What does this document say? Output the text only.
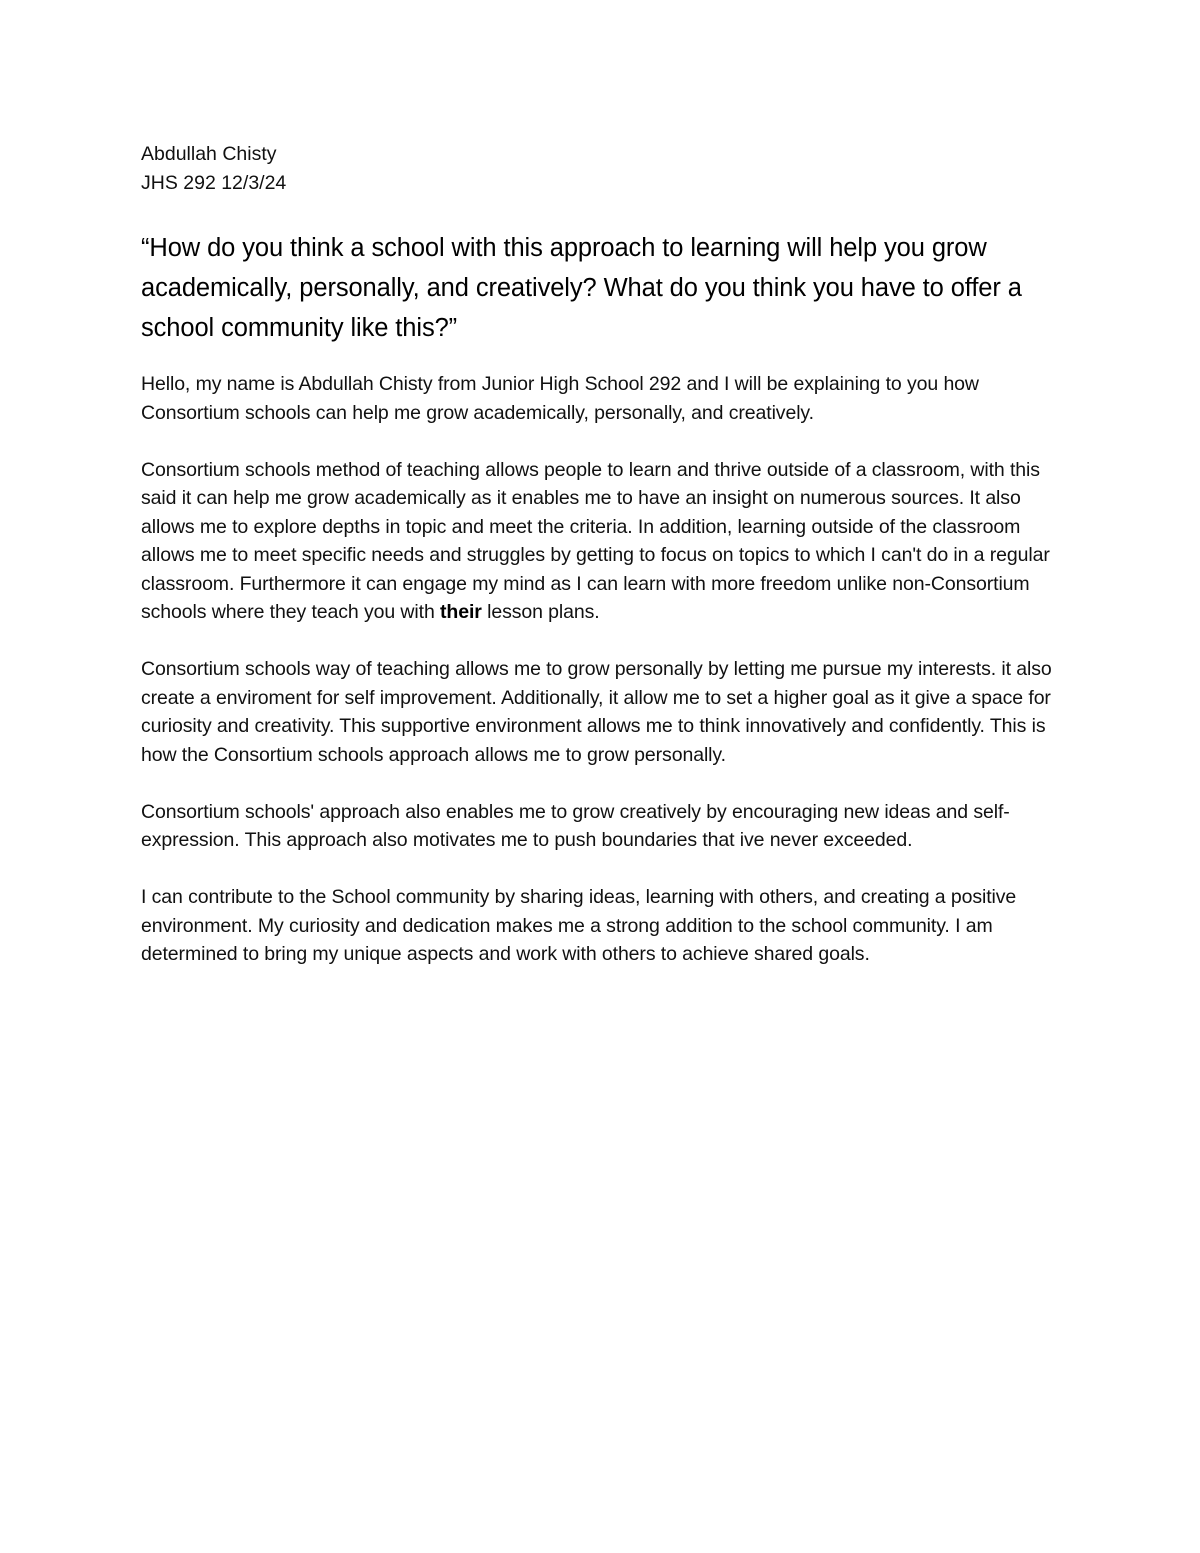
Abdullah Chisty
JHS 292 12/3/24
“How do you think a school with this approach to learning will help you grow academically, personally, and creatively? What do you think you have to offer a school community like this?”

Hello, my name is Abdullah Chisty from Junior High School 292 and I will be explaining to you how Consortium schools can help me grow academically, personally, and creatively.

Consortium schools method of teaching allows people to learn and thrive outside of a classroom, with this said it can help me grow academically as it enables me to have an insight on numerous sources. It also allows me to explore depths in topic and meet the criteria. In addition, learning outside of the classroom allows me to meet specific needs and struggles by getting to focus on topics to which I can't do in a regular classroom. Furthermore it can engage my mind as I can learn with more freedom unlike non-Consortium schools where they teach you with their lesson plans.

Consortium schools way of teaching allows me to grow personally by letting me pursue my interests. it also create a enviroment for self improvement. Additionally, it allow me to set a higher goal as it give a space for curiosity and creativity. This supportive environment allows me to think innovatively and confidently. This is how the Consortium schools approach allows me to grow personally.

Consortium schools' approach also enables me to grow creatively by encouraging new ideas and self-expression. This approach also motivates me to push boundaries that ive never exceeded.

I can contribute to the School community by sharing ideas, learning with others, and creating a positive environment. My curiosity and dedication makes me a strong addition to the school community. I am determined to bring my unique aspects and work with others to achieve shared goals.
